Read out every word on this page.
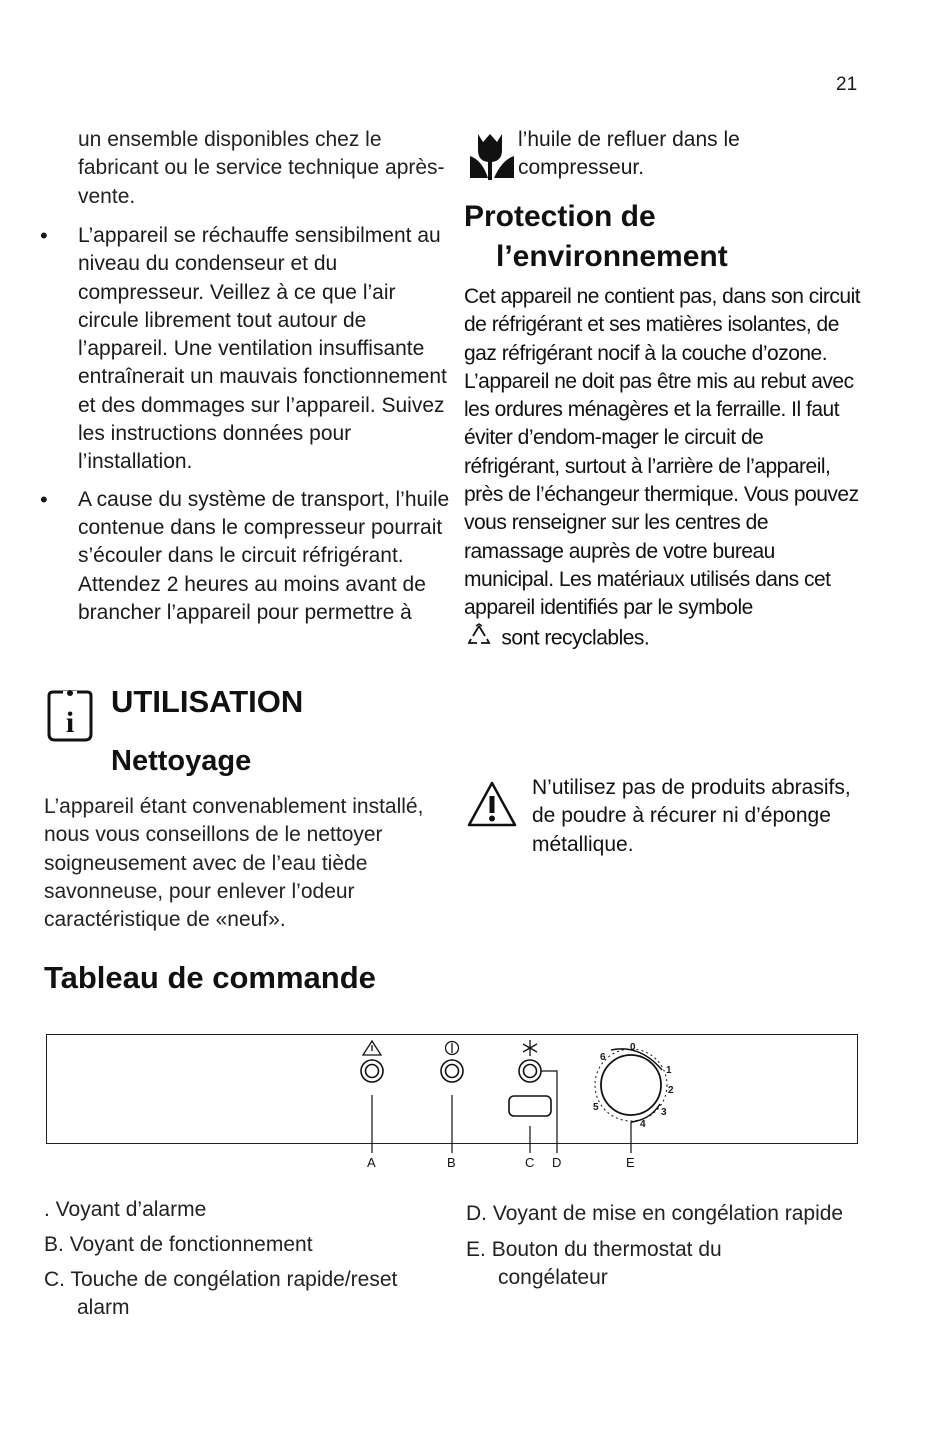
21
un ensemble disponibles chez le fabricant ou le service technique après-vente.
• L’appareil se réchauffe sensibilment au niveau du condenseur et du compresseur. Veillez à ce que l’air circule librement tout autour de l’appareil. Une ventilation insuffisante entraînerait un mauvais fonctionnement et des dommages sur l’appareil. Suivez les instructions données pour l’installation.
• A cause du système de transport, l’huile contenue dans le compresseur pourrait s’écouler dans le circuit réfrigérant. Attendez 2 heures au moins avant de brancher l’appareil pour permettre à
i
UTILISATION
Nettoyage
L’appareil étant convenablement installé, nous vous conseillons de le nettoyer soigneusement avec de l’eau tiède savonneuse, pour enlever l’odeur caractéristique de «neuf».
l’huile de refluer dans le
compresseur.
Protection de
l’environnement
Cet appareil ne contient pas, dans son circuit de réfrigérant et ses matières isolantes, de gaz réfrigérant nocif à la couche d’ozone. L’appareil ne doit pas être mis au rebut avec les ordures ménagères et la ferraille. Il faut éviter d’endom-mager le circuit de réfrigérant, surtout à l’arrière de l’appareil, près de l’échangeur thermique. Vous pouvez vous renseigner sur les centres de ramassage auprès de votre bureau municipal. Les matériaux utilisés dans cet appareil identifiés par le symbole
sont recyclables.
N’utilisez pas de produits abrasifs, de poudre à récurer ni d’éponge métallique.
Tableau de commande
0
1
2
3
4
5
6
A	B	C D	E
. Voyant d’alarme
B. Voyant de fonctionnement
C. Touche de congélation rapide/reset
alarm
D. Voyant de mise en congélation rapide
E. Bouton du thermostat du
congélateur
